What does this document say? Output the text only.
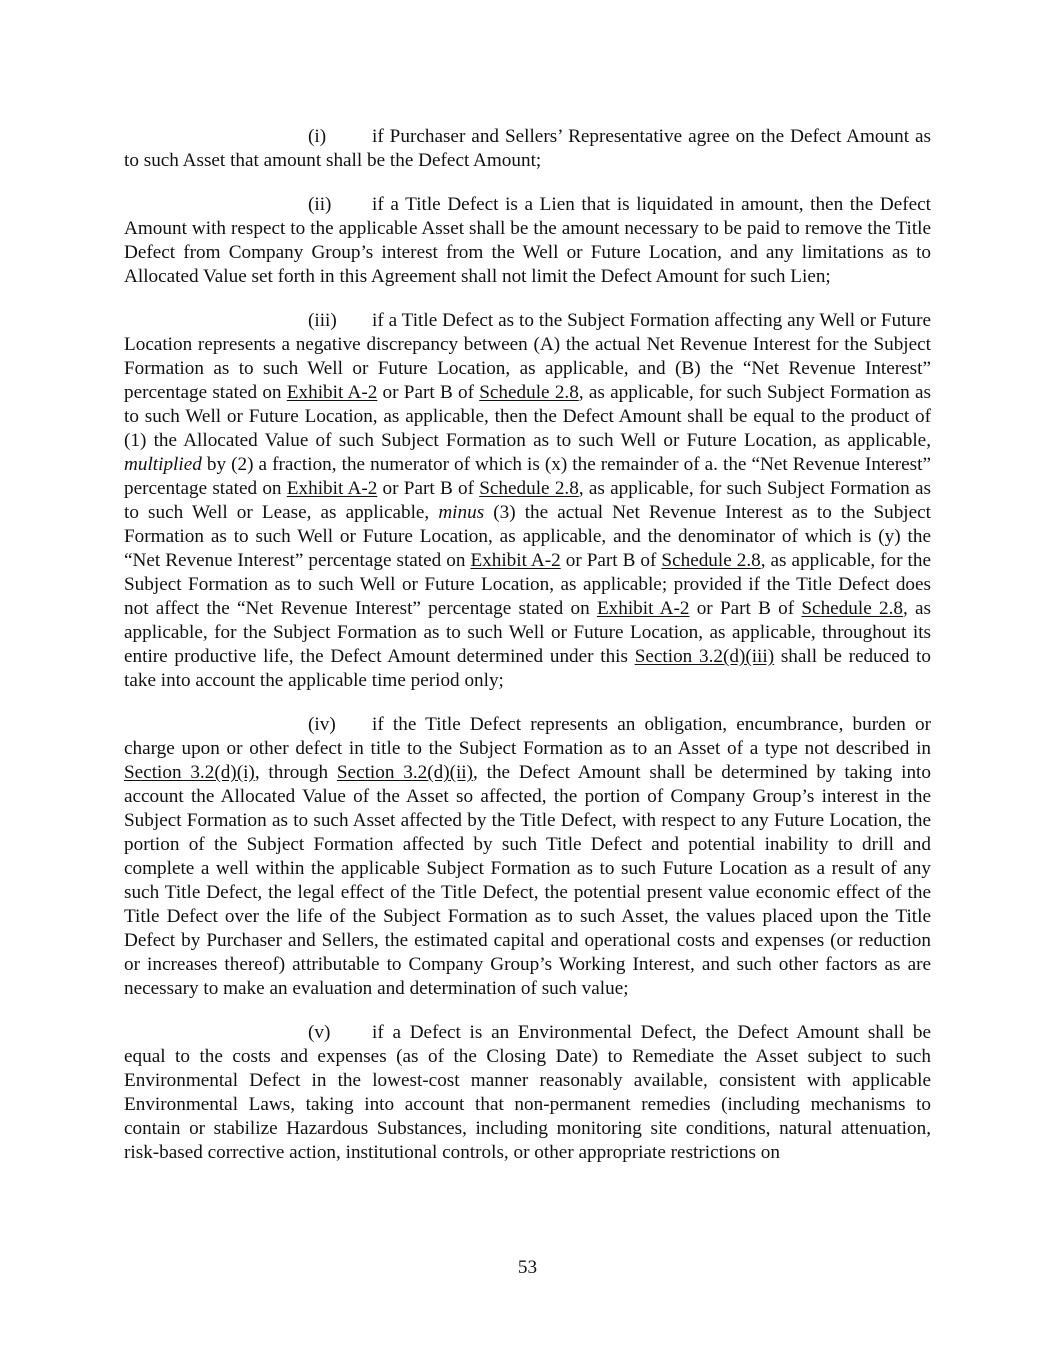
(i) if Purchaser and Sellers’ Representative agree on the Defect Amount as to such Asset that amount shall be the Defect Amount;

(ii) if a Title Defect is a Lien that is liquidated in amount, then the Defect Amount with respect to the applicable Asset shall be the amount necessary to be paid to remove the Title Defect from Company Group’s interest from the Well or Future Location, and any limitations as to Allocated Value set forth in this Agreement shall not limit the Defect Amount for such Lien;

(iii) if a Title Defect as to the Subject Formation affecting any Well or Future Location represents a negative discrepancy between (A) the actual Net Revenue Interest for the Subject Formation as to such Well or Future Location, as applicable, and (B) the “Net Revenue Interest” percentage stated on Exhibit A-2 or Part B of Schedule 2.8, as applicable, for such Subject Formation as to such Well or Future Location, as applicable, then the Defect Amount shall be equal to the product of (1) the Allocated Value of such Subject Formation as to such Well or Future Location, as applicable, multiplied by (2) a fraction, the numerator of which is (x) the remainder of a. the “Net Revenue Interest” percentage stated on Exhibit A-2 or Part B of Schedule 2.8, as applicable, for such Subject Formation as to such Well or Lease, as applicable, minus (3) the actual Net Revenue Interest as to the Subject Formation as to such Well or Future Location, as applicable, and the denominator of which is (y) the “Net Revenue Interest” percentage stated on Exhibit A-2 or Part B of Schedule 2.8, as applicable, for the Subject Formation as to such Well or Future Location, as applicable; provided if the Title Defect does not affect the “Net Revenue Interest” percentage stated on Exhibit A-2 or Part B of Schedule 2.8, as applicable, for the Subject Formation as to such Well or Future Location, as applicable, throughout its entire productive life, the Defect Amount determined under this Section 3.2(d)(iii) shall be reduced to take into account the applicable time period only;

(iv) if the Title Defect represents an obligation, encumbrance, burden or charge upon or other defect in title to the Subject Formation as to an Asset of a type not described in Section 3.2(d)(i), through Section 3.2(d)(ii), the Defect Amount shall be determined by taking into account the Allocated Value of the Asset so affected, the portion of Company Group’s interest in the Subject Formation as to such Asset affected by the Title Defect, with respect to any Future Location, the portion of the Subject Formation affected by such Title Defect and potential inability to drill and complete a well within the applicable Subject Formation as to such Future Location as a result of any such Title Defect, the legal effect of the Title Defect, the potential present value economic effect of the Title Defect over the life of the Subject Formation as to such Asset, the values placed upon the Title Defect by Purchaser and Sellers, the estimated capital and operational costs and expenses (or reduction or increases thereof) attributable to Company Group’s Working Interest, and such other factors as are necessary to make an evaluation and determination of such value;

(v) if a Defect is an Environmental Defect, the Defect Amount shall be equal to the costs and expenses (as of the Closing Date) to Remediate the Asset subject to such Environmental Defect in the lowest-cost manner reasonably available, consistent with applicable Environmental Laws, taking into account that non-permanent remedies (including mechanisms to contain or stabilize Hazardous Substances, including monitoring site conditions, natural attenuation, risk-based corrective action, institutional controls, or other appropriate restrictions on

53
